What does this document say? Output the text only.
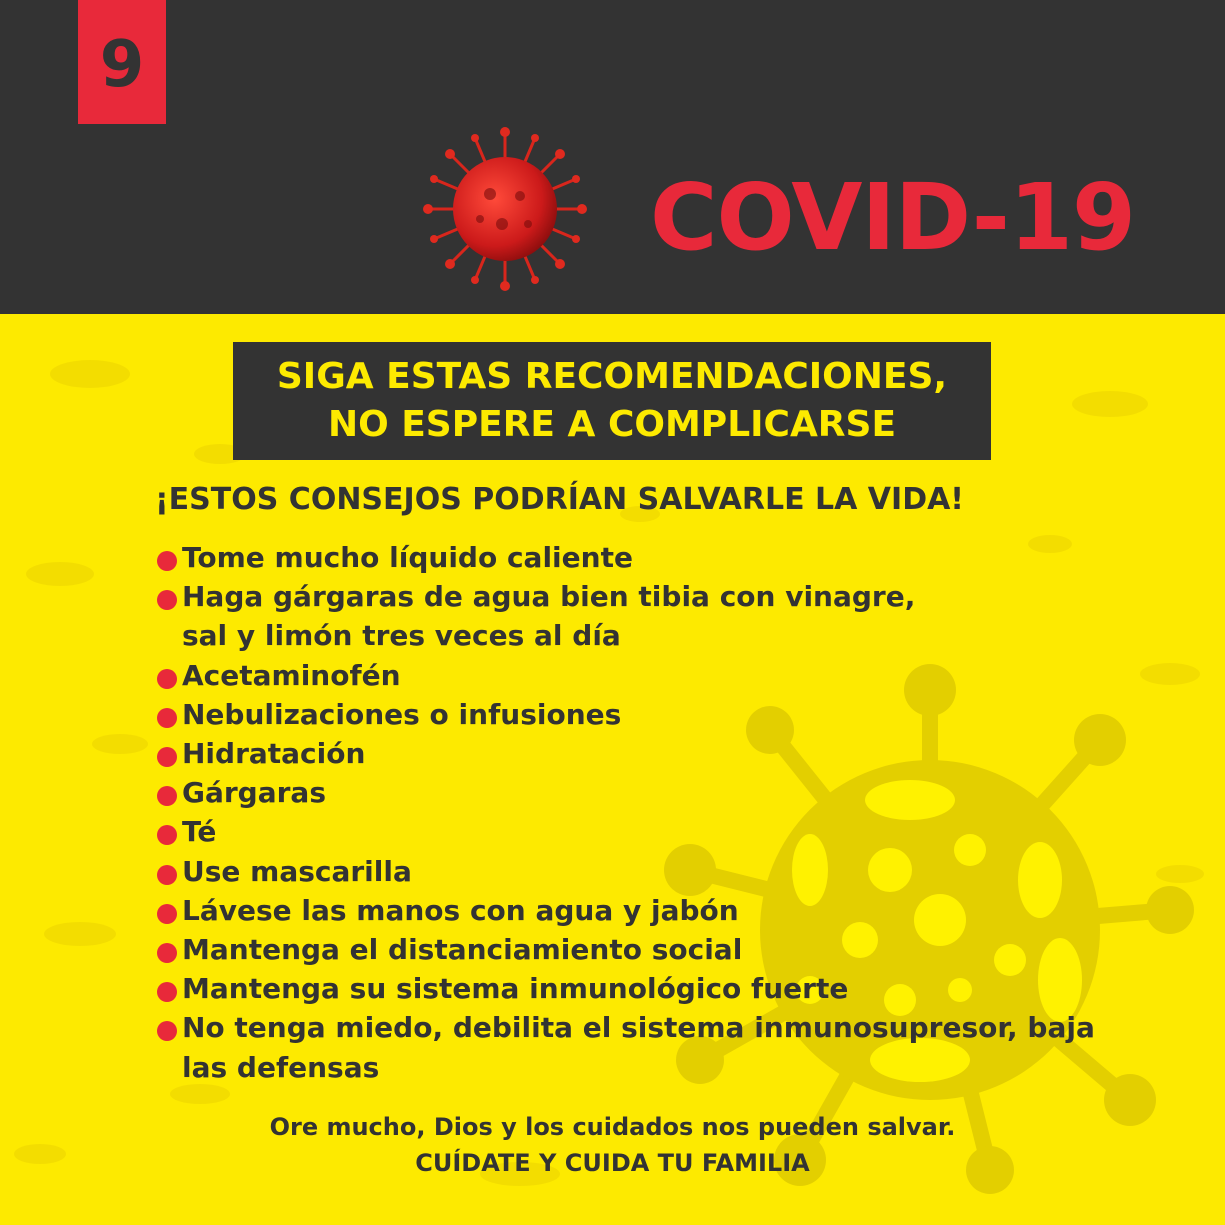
9
COVID-19
SIGA ESTAS RECOMENDACIONES,
NO ESPERE A COMPLICARSE
¡ESTOS CONSEJOS PODRÍAN SALVARLE LA VIDA!
Tome mucho líquido caliente
Haga gárgaras de agua bien tibia con vinagre, sal y limón tres veces al día
Acetaminofén
Nebulizaciones o infusiones
Hidratación
Gárgaras
Té
Use mascarilla
Lávese las manos con agua y jabón
Mantenga el distanciamiento social
Mantenga su sistema inmunológico fuerte
No tenga miedo, debilita el sistema inmunosupresor, baja las defensas
Ore mucho, Dios y los cuidados nos pueden salvar.
CUÍDATE Y CUIDA TU FAMILIA
